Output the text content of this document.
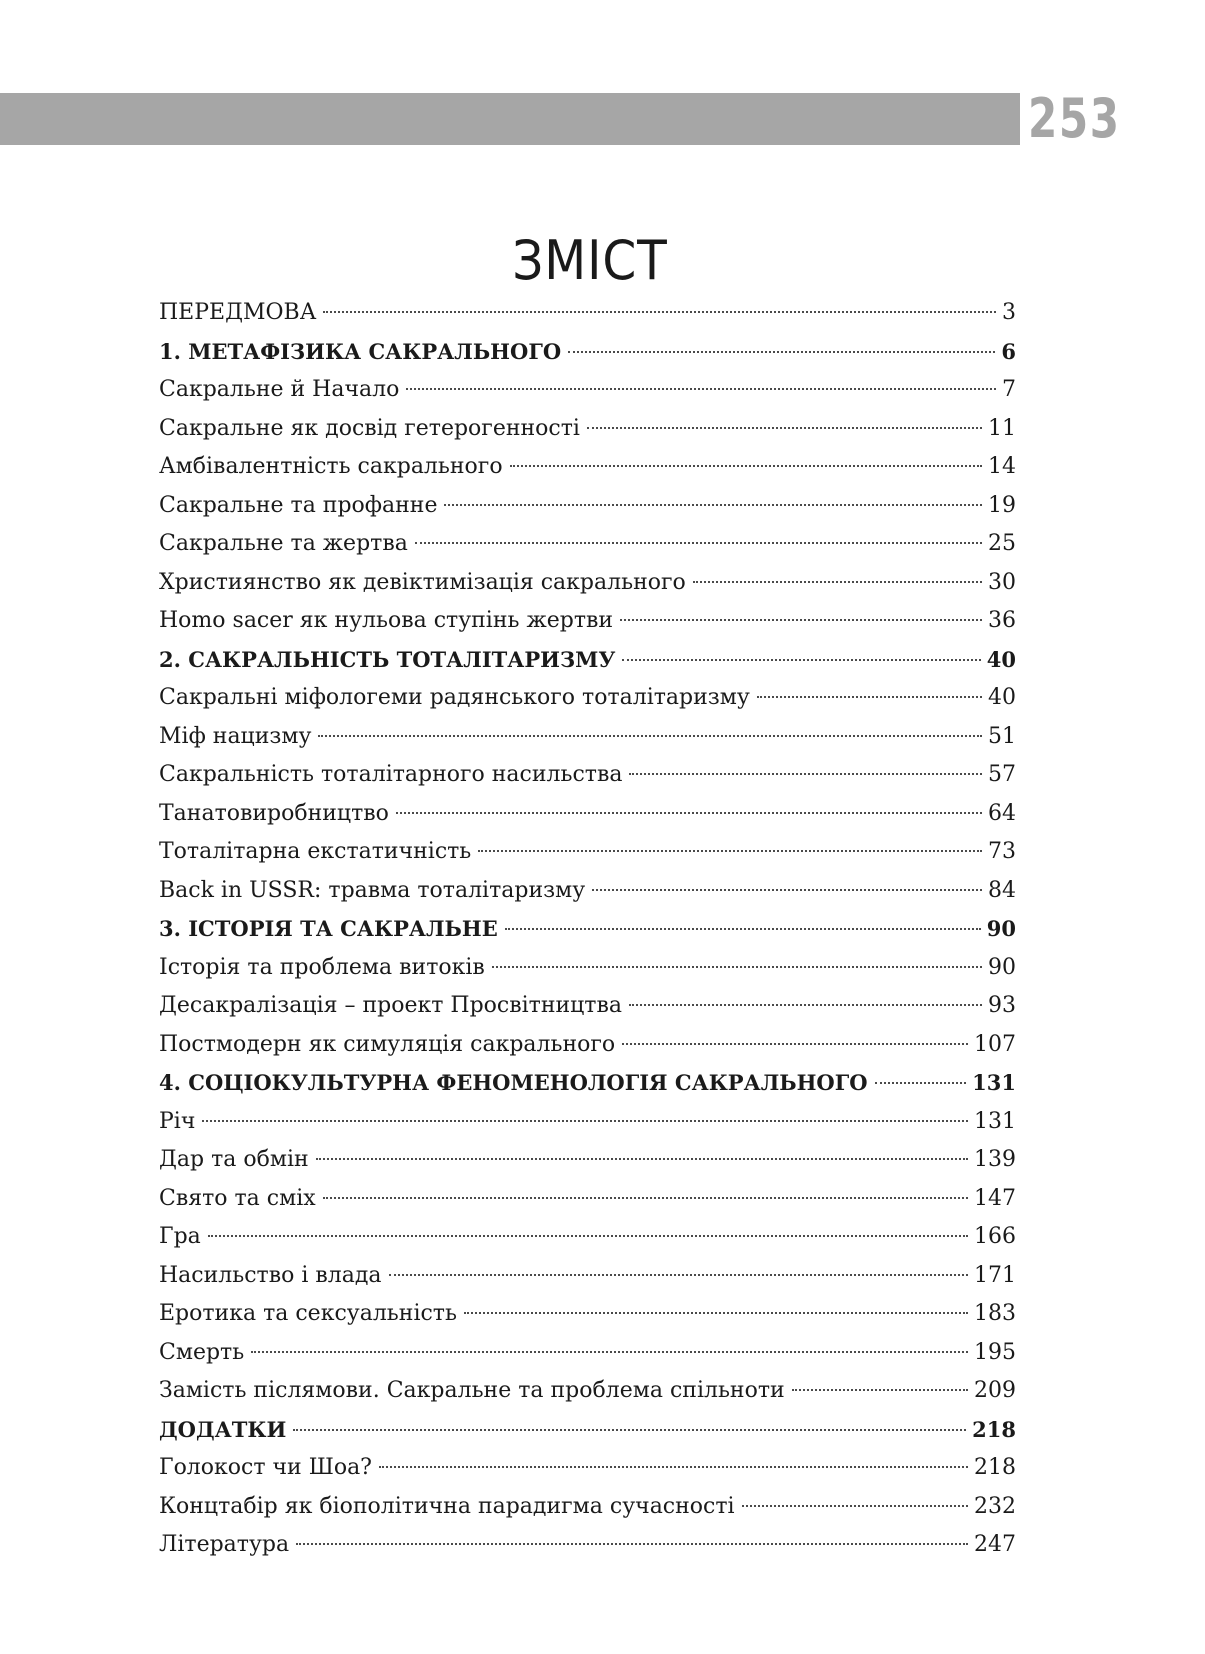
253
ЗМІСТ
ПЕРЕДМОВА	3
1. МЕТАФІЗИКА САКРАЛЬНОГО	6
Сакральне й Начало	7
Сакральне як досвід гетерогенності	11
Амбівалентність сакрального	14
Сакральне та профанне	19
Сакральне та жертва	25
Християнство як девіктимізація сакрального	30
Homo sacer як нульова ступінь жертви	36
2. САКРАЛЬНІСТЬ ТОТАЛІТАРИЗМУ	40
Сакральні міфологеми радянського тоталітаризму	40
Міф нацизму	51
Сакральність тоталітарного насильства	57
Танатовиробництво	64
Тоталітарна екстатичність	73
Back in USSR: травма тоталітаризму	84
3. ІСТОРІЯ ТА САКРАЛЬНЕ	90
Історія та проблема витоків	90
Десакралізація – проект Просвітництва	93
Постмодерн як симуляція сакрального	107
4. СОЦІОКУЛЬТУРНА ФЕНОМЕНОЛОГІЯ САКРАЛЬНОГО	131
Річ	131
Дар та обмін	139
Свято та сміх	147
Гра	166
Насильство і влада	171
Еротика та сексуальність	183
Смерть	195
Замість післямови. Сакральне та проблема спільноти	209
ДОДАТКИ	218
Голокост чи Шоа?	218
Концтабір як біополітична парадигма сучасності	232
Література	247
